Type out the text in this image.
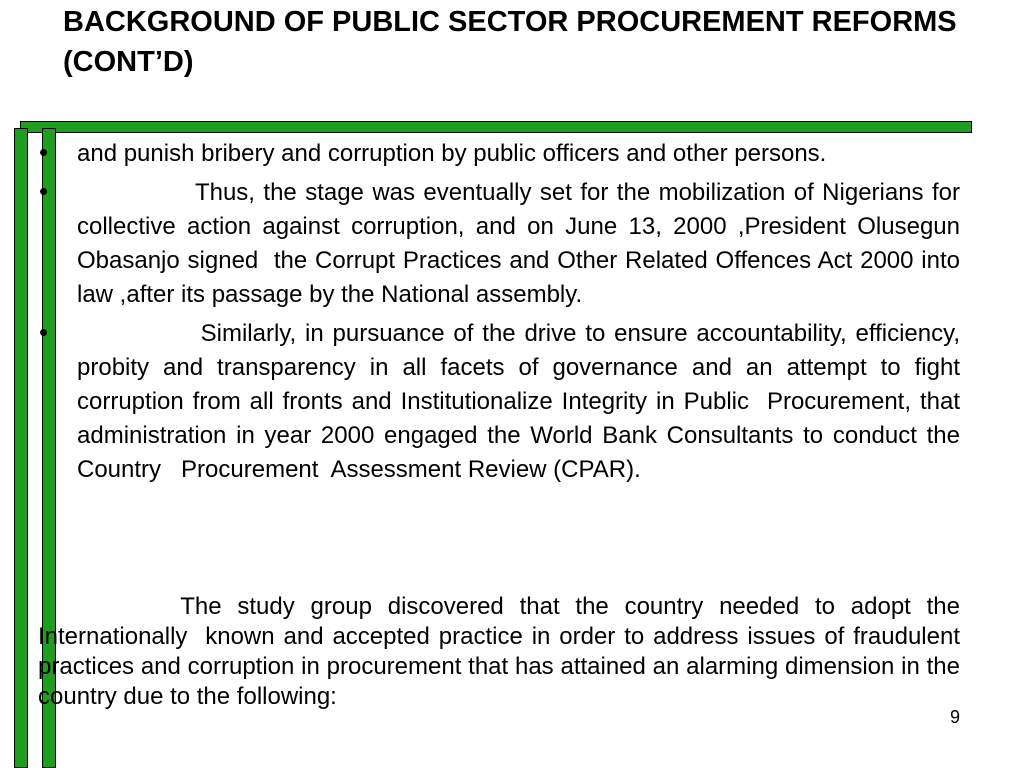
BACKGROUND OF PUBLIC SECTOR PROCUREMENT REFORMS (CONT’D)
• and punish bribery and corruption by public officers and other persons.
• Thus, the stage was eventually set for the mobilization of Nigerians for collective action against corruption, and on June 13, 2000 ,President Olusegun Obasanjo signed  the Corrupt Practices and Other Related Offences Act 2000 into law ,after its passage by the National assembly.
• Similarly, in pursuance of the drive to ensure accountability, efficiency, probity and transparency in all facets of governance and an attempt to fight corruption from all fronts and Institutionalize Integrity in Public  Procurement, that administration in year 2000 engaged the World Bank Consultants to conduct the Country   Procurement  Assessment Review (CPAR).

The study group discovered that the country needed to adopt the     Internationally  known and accepted practice in order to address issues of fraudulent practices and corruption in procurement that has attained an alarming dimension in the country due to the following:

9
